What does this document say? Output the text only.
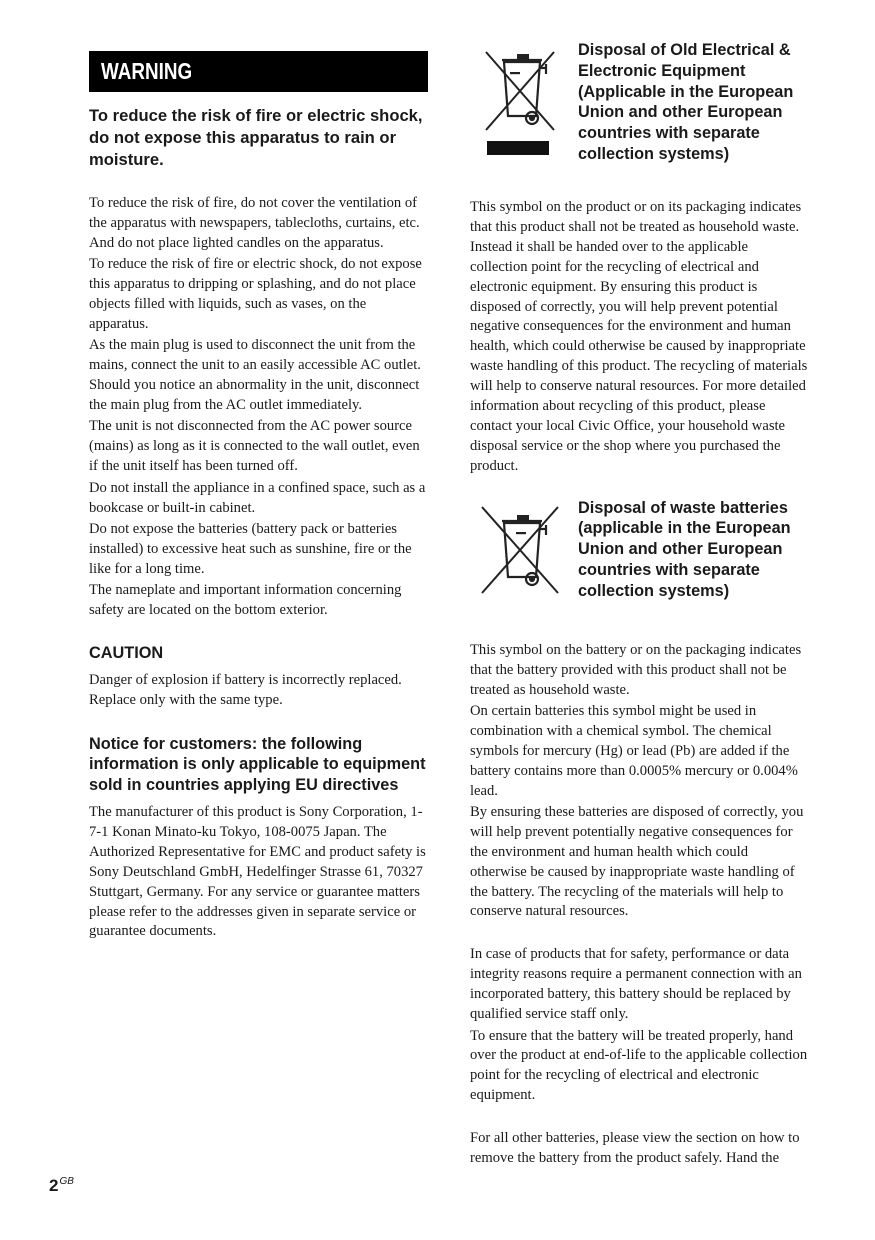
WARNING

To reduce the risk of fire or electric shock, do not expose this apparatus to rain or moisture.

To reduce the risk of fire, do not cover the ventilation of the apparatus with newspapers, tablecloths, curtains, etc. And do not place lighted candles on the apparatus.

To reduce the risk of fire or electric shock, do not expose this apparatus to dripping or splashing, and do not place objects filled with liquids, such as vases, on the apparatus.

As the main plug is used to disconnect the unit from the mains, connect the unit to an easily accessible AC outlet. Should you notice an abnormality in the unit, disconnect the main plug from the AC outlet immediately.

The unit is not disconnected from the AC power source (mains) as long as it is connected to the wall outlet, even if the unit itself has been turned off.

Do not install the appliance in a confined space, such as a bookcase or built-in cabinet.

Do not expose the batteries (battery pack or batteries installed) to excessive heat such as sunshine, fire or the like for a long time.

The nameplate and important information concerning safety are located on the bottom exterior.

CAUTION

Danger of explosion if battery is incorrectly replaced. Replace only with the same type.

Notice for customers: the following information is only applicable to equipment sold in countries applying EU directives

The manufacturer of this product is Sony Corporation, 1-7-1 Konan Minato-ku Tokyo, 108-0075 Japan. The Authorized Representative for EMC and product safety is Sony Deutschland GmbH, Hedelfinger Strasse 61, 70327 Stuttgart, Germany. For any service or guarantee matters please refer to the addresses given in separate service or guarantee documents.

Disposal of Old Electrical & Electronic Equipment (Applicable in the European Union and other European countries with separate collection systems)

This symbol on the product or on its packaging indicates that this product shall not be treated as household waste. Instead it shall be handed over to the applicable collection point for the recycling of electrical and electronic equipment. By ensuring this product is disposed of correctly, you will help prevent potential negative consequences for the environment and human health, which could otherwise be caused by inappropriate waste handling of this product. The recycling of materials will help to conserve natural resources. For more detailed information about recycling of this product, please contact your local Civic Office, your household waste disposal service or the shop where you purchased the product.

Disposal of waste batteries (applicable in the European Union and other European countries with separate collection systems)

This symbol on the battery or on the packaging indicates that the battery provided with this product shall not be treated as household waste.

On certain batteries this symbol might be used in combination with a chemical symbol. The chemical symbols for mercury (Hg) or lead (Pb) are added if the battery contains more than 0.0005% mercury or 0.004% lead.

By ensuring these batteries are disposed of correctly, you will help prevent potentially negative consequences for the environment and human health which could otherwise be caused by inappropriate waste handling of the battery. The recycling of the materials will help to conserve natural resources.

In case of products that for safety, performance or data integrity reasons require a permanent connection with an incorporated battery, this battery should be replaced by qualified service staff only.

To ensure that the battery will be treated properly, hand over the product at end-of-life to the applicable collection point for the recycling of electrical and electronic equipment.

For all other batteries, please view the section on how to remove the battery from the product safely. Hand the

$2^{GB}$
